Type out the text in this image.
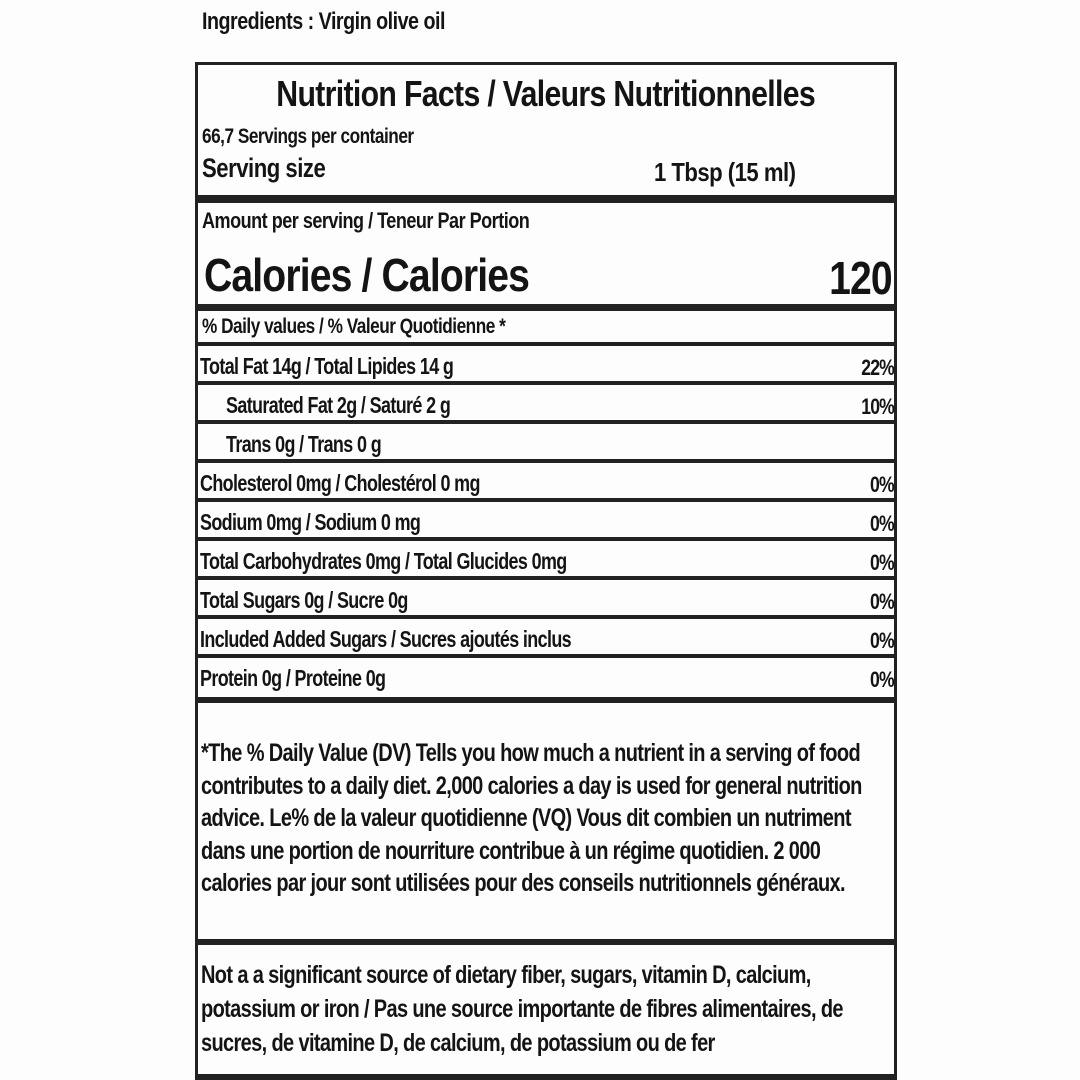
Ingredients : Virgin olive oil
Nutrition Facts / Valeurs Nutritionnelles
66,7 Servings per container
Serving size	1 Tbsp (15 ml)
Amount per serving / Teneur Par Portion
Calories / Calories	120
% Daily values / % Valeur Quotidienne *
Total Fat 14g / Total Lipides 14 g	22%
Saturated Fat 2g / Saturé 2 g	10%
Trans 0g / Trans 0 g
Cholesterol 0mg / Cholestérol 0 mg	0%
Sodium 0mg / Sodium 0 mg	0%
Total Carbohydrates 0mg / Total Glucides 0mg	0%
Total Sugars 0g / Sucre 0g	0%
Included Added Sugars / Sucres ajoutés inclus	0%
Protein 0g / Proteine 0g	0%
*The % Daily Value (DV) Tells you how much a nutrient in a serving of food contributes to a daily diet. 2,000 calories a day is used for general nutrition advice. Le% de la valeur quotidienne (VQ) Vous dit combien un nutriment dans une portion de nourriture contribue à un régime quotidien. 2 000 calories par jour sont utilisées pour des conseils nutritionnels généraux.
Not a a significant source of dietary fiber, sugars, vitamin D, calcium, potassium or iron / Pas une source importante de fibres alimentaires, de sucres, de vitamine D, de calcium, de potassium ou de fer
